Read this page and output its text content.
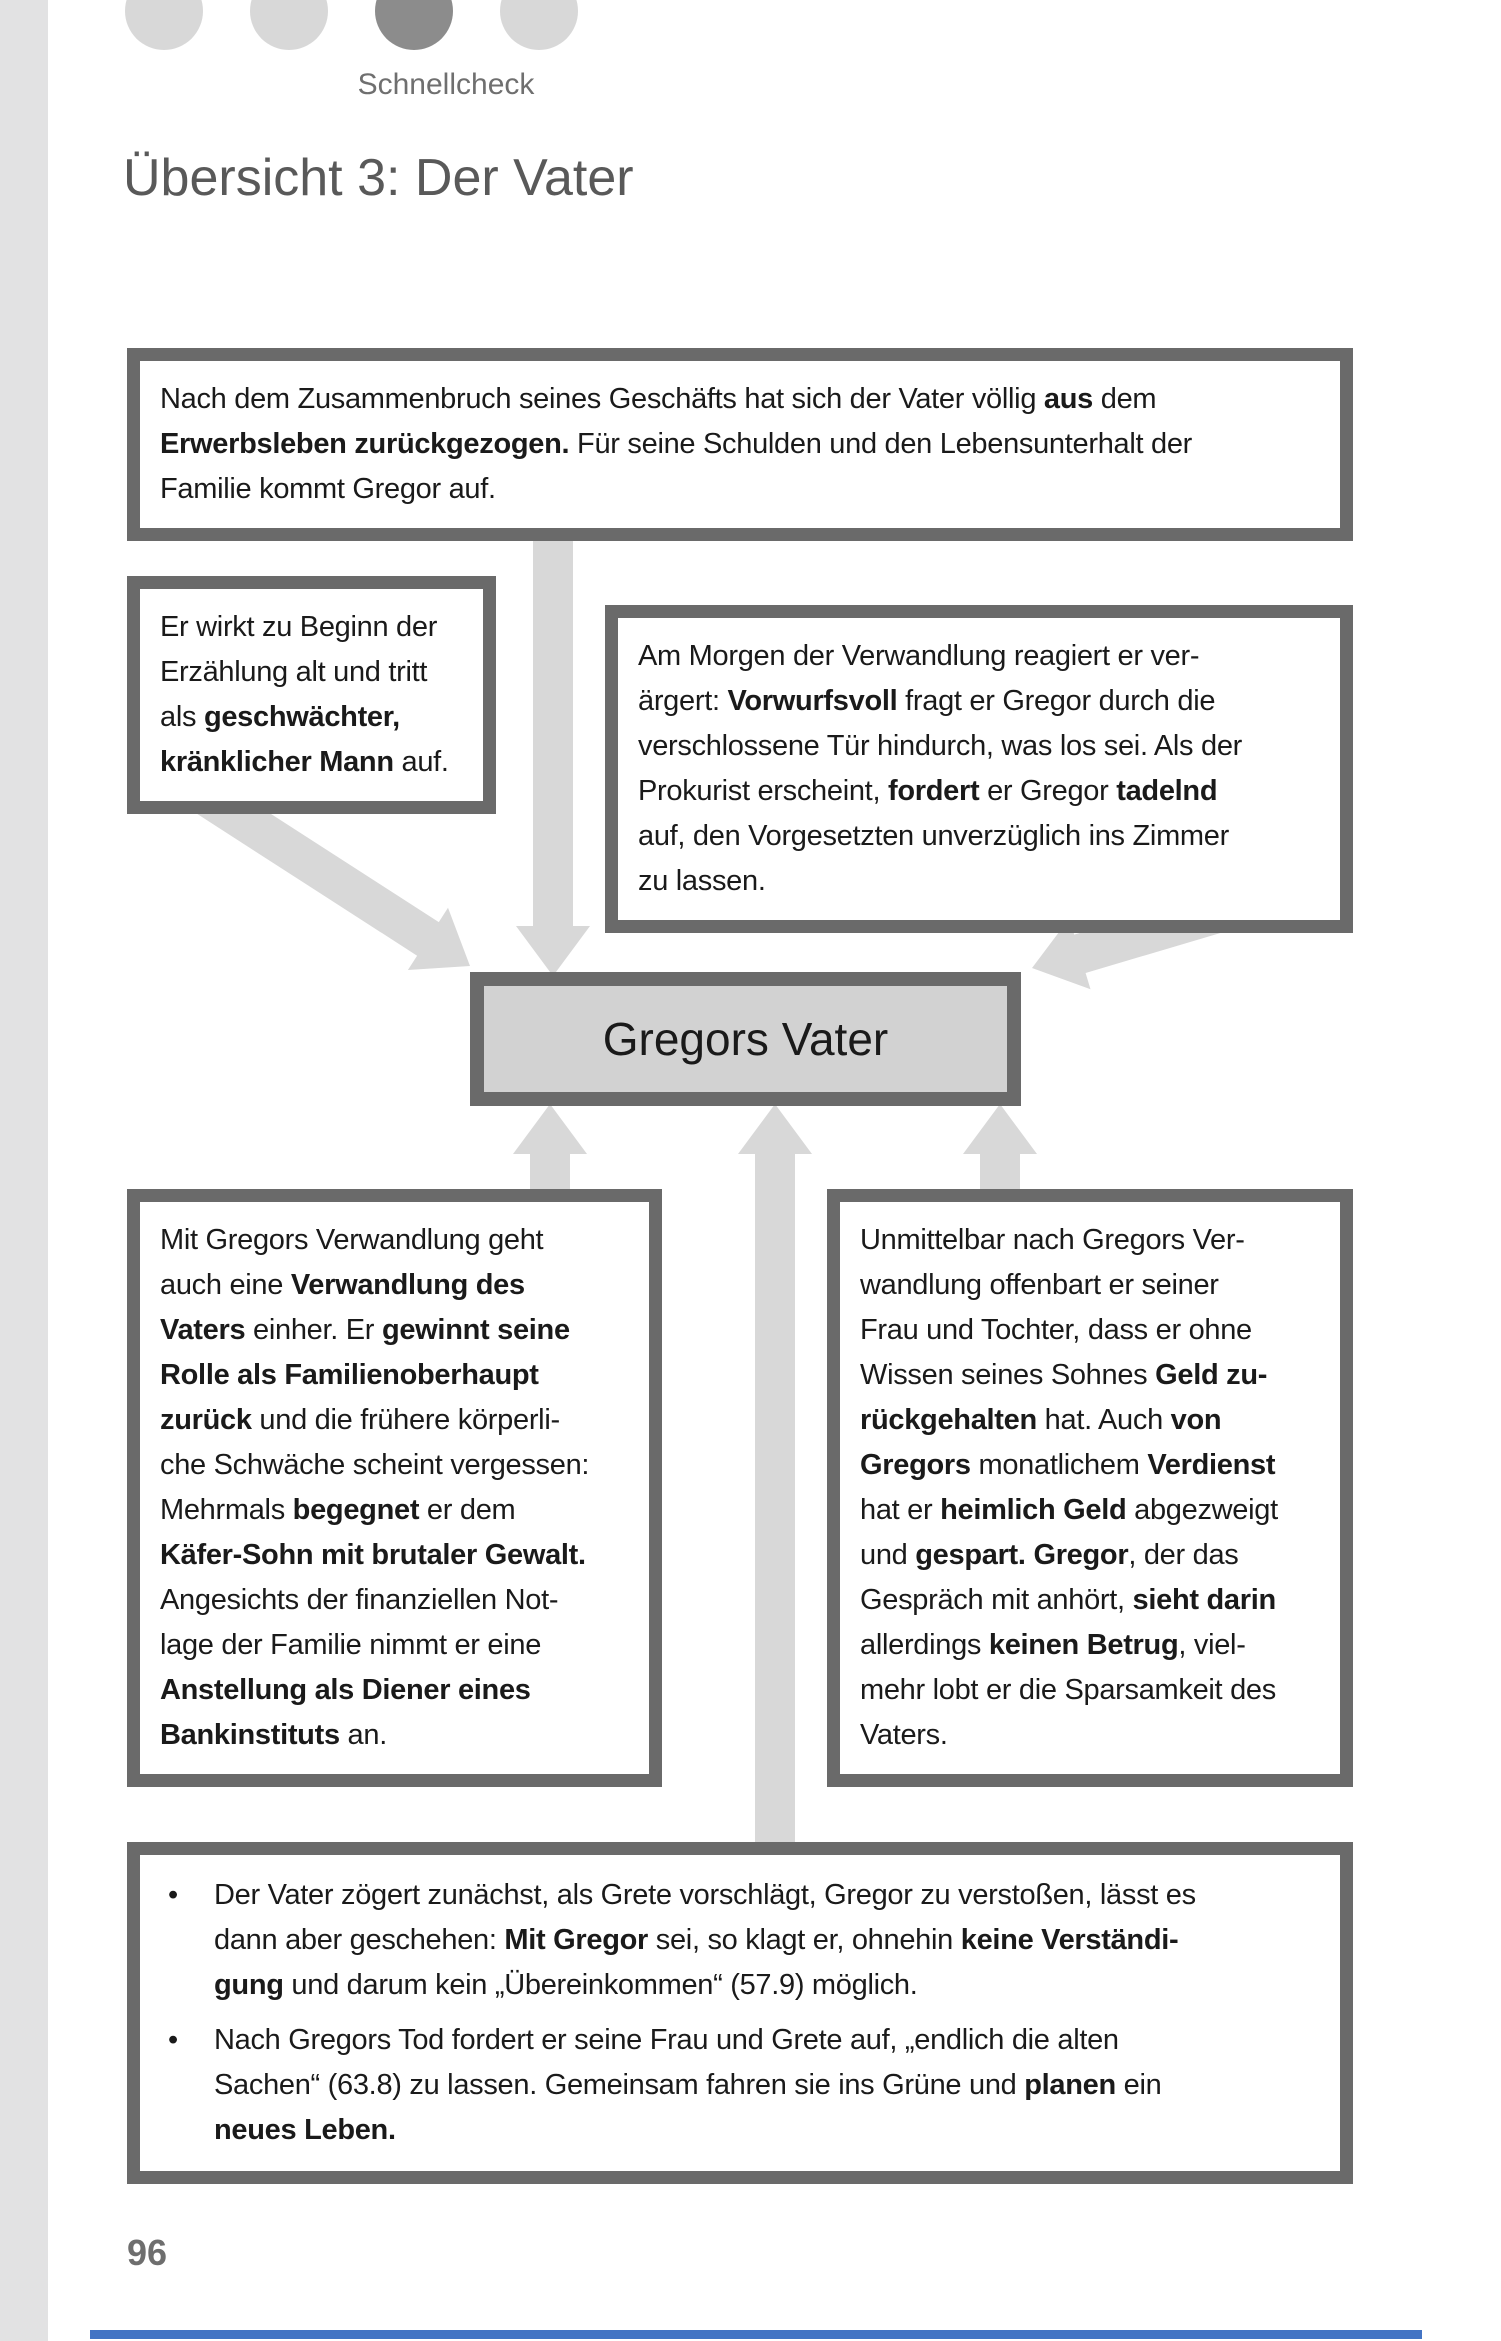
Schnellcheck
Übersicht 3: Der Vater
Nach dem Zusammenbruch seines Geschäfts hat sich der Vater völlig aus dem
Erwerbsleben zurückgezogen. Für seine Schulden und den Lebensunterhalt der
Familie kommt Gregor auf.
Er wirkt zu Beginn der
Erzählung alt und tritt
als geschwächter,
kränklicher Mann auf.
Am Morgen der Verwandlung reagiert er ver-
ärgert: Vorwurfsvoll fragt er Gregor durch die
verschlossene Tür hindurch, was los sei. Als der
Prokurist erscheint, fordert er Gregor tadelnd
auf, den Vorgesetzten unverzüglich ins Zimmer
zu lassen.
Gregors Vater
Mit Gregors Verwandlung geht
auch eine Verwandlung des
Vaters einher. Er gewinnt seine
Rolle als Familienoberhaupt
zurück und die frühere körperli-
che Schwäche scheint vergessen:
Mehrmals begegnet er dem
Käfer-Sohn mit brutaler Gewalt.
Angesichts der finanziellen Not-
lage der Familie nimmt er eine
Anstellung als Diener eines
Bankinstituts an.
Unmittelbar nach Gregors Ver-
wandlung offenbart er seiner
Frau und Tochter, dass er ohne
Wissen seines Sohnes Geld zu-
rückgehalten hat. Auch von
Gregors monatlichem Verdienst
hat er heimlich Geld abgezweigt
und gespart. Gregor, der das
Gespräch mit anhört, sieht darin
allerdings keinen Betrug, viel-
mehr lobt er die Sparsamkeit des
Vaters.
•	Der Vater zögert zunächst, als Grete vorschlägt, Gregor zu verstoßen, lässt es
dann aber geschehen: Mit Gregor sei, so klagt er, ohnehin keine Verständi-
gung und darum kein „Übereinkommen“ (57.9) möglich.
•	Nach Gregors Tod fordert er seine Frau und Grete auf, „endlich die alten
Sachen“ (63.8) zu lassen. Gemeinsam fahren sie ins Grüne und planen ein
neues Leben.
96
